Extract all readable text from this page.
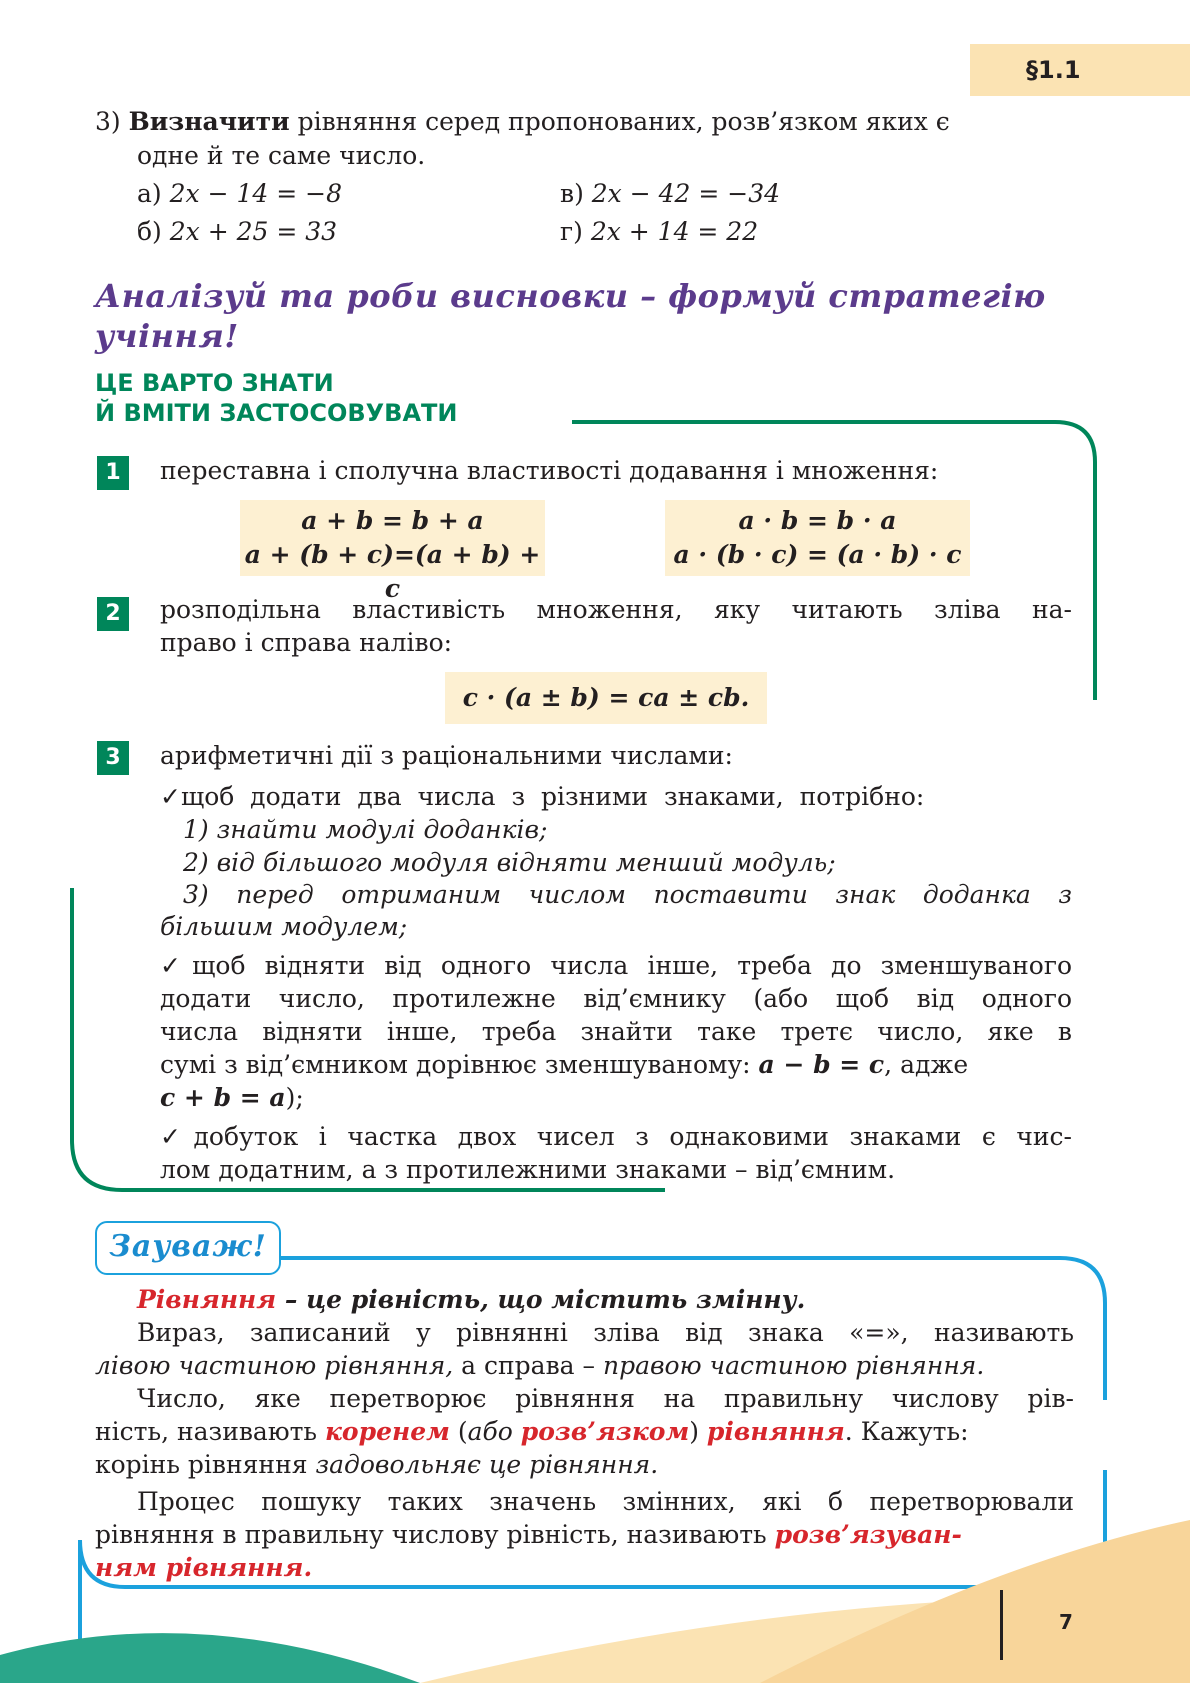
§1.1
3) Визначити рівняння серед пропонованих, розв’язком яких є
одне й те саме число.
а) 2x − 14 = −8
б) 2x + 25 = 33
в) 2x − 42 = −34
г) 2x + 14 = 22
Аналізуй та роби висновки – формуй стратегію
учіння!
ЦЕ ВАРТО ЗНАТИ
Й ВМІТИ ЗАСТОСОВУВАТИ
1	переставна і сполучна властивості додавання і множення:
a + b = b + a
a + (b + c)=(a + b) + c
a · b = b · a
a · (b · c) = (a · b) · c
2	розподільна властивість множення, яку читають зліва на-
право і справа наліво:
c · (a ± b) = ca ± cb.
3	арифметичні дії з раціональними числами:
✓щоб  додати  два  числа  з  різними  знаками,  потрібно:
1) знайти модулі доданків;
2) від більшого модуля відняти менший модуль;
3) перед отриманим числом поставити знак доданка з
більшим модулем;
✓щоб відняти від одного числа інше, треба до зменшуваного
додати число, протилежне від’ємнику (або щоб від одного
числа відняти інше, треба знайти таке третє число, яке в
сумі з від’ємником дорівнює зменшуваному: a − b = c, адже
c + b = a);
✓добуток і частка двох чисел з однаковими знаками є чис-
лом додатним, а з протилежними знаками – від’ємним.
Зауваж!
Рівняння – це рівність, що містить змінну.
Вираз, записаний у рівнянні зліва від знака «=», називають
лівою частиною рівняння, а справа – правою частиною рівняння.
Число, яке перетворює рівняння на правильну числову рів-
ність, називають коренем (або розв’язком) рівняння. Кажуть:
корінь рівняння задовольняє це рівняння.
Процес пошуку таких значень змінних, які б перетворювали
рівняння в правильну числову рівність, називають розв’язуван-
ням рівняння.
7
